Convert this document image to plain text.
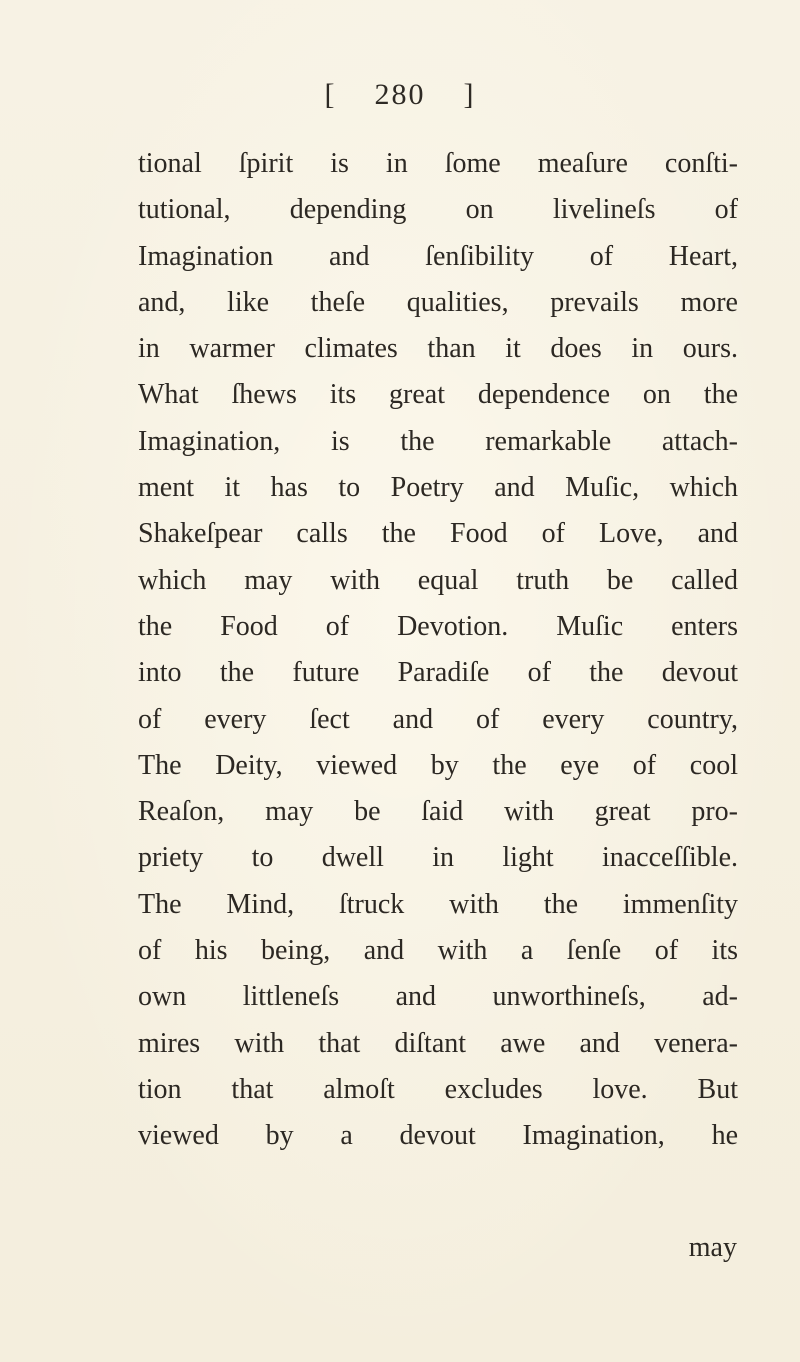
[ 280 ]
tional ſpirit is in ſome meaſure conſti-
tutional, depending on livelineſs of
Imagination and ſenſibility of Heart,
and, like theſe qualities, prevails more
in warmer climates than it does in ours.
What ſhews its great dependence on the
Imagination, is the remarkable attach-
ment it has to Poetry and Muſic, which
Shakeſpear calls the Food of Love, and
which may with equal truth be called
the Food of Devotion. Muſic enters
into the future Paradiſe of the devout
of every ſect and of every country,
The Deity, viewed by the eye of cool
Reaſon, may be ſaid with great pro-
priety to dwell in light inacceſſible.
The Mind, ſtruck with the immenſity
of his being, and with a ſenſe of its
own littleneſs and unworthineſs, ad-
mires with that diſtant awe and venera-
tion that almoſt excludes love. But
viewed by a devout Imagination, he
may
